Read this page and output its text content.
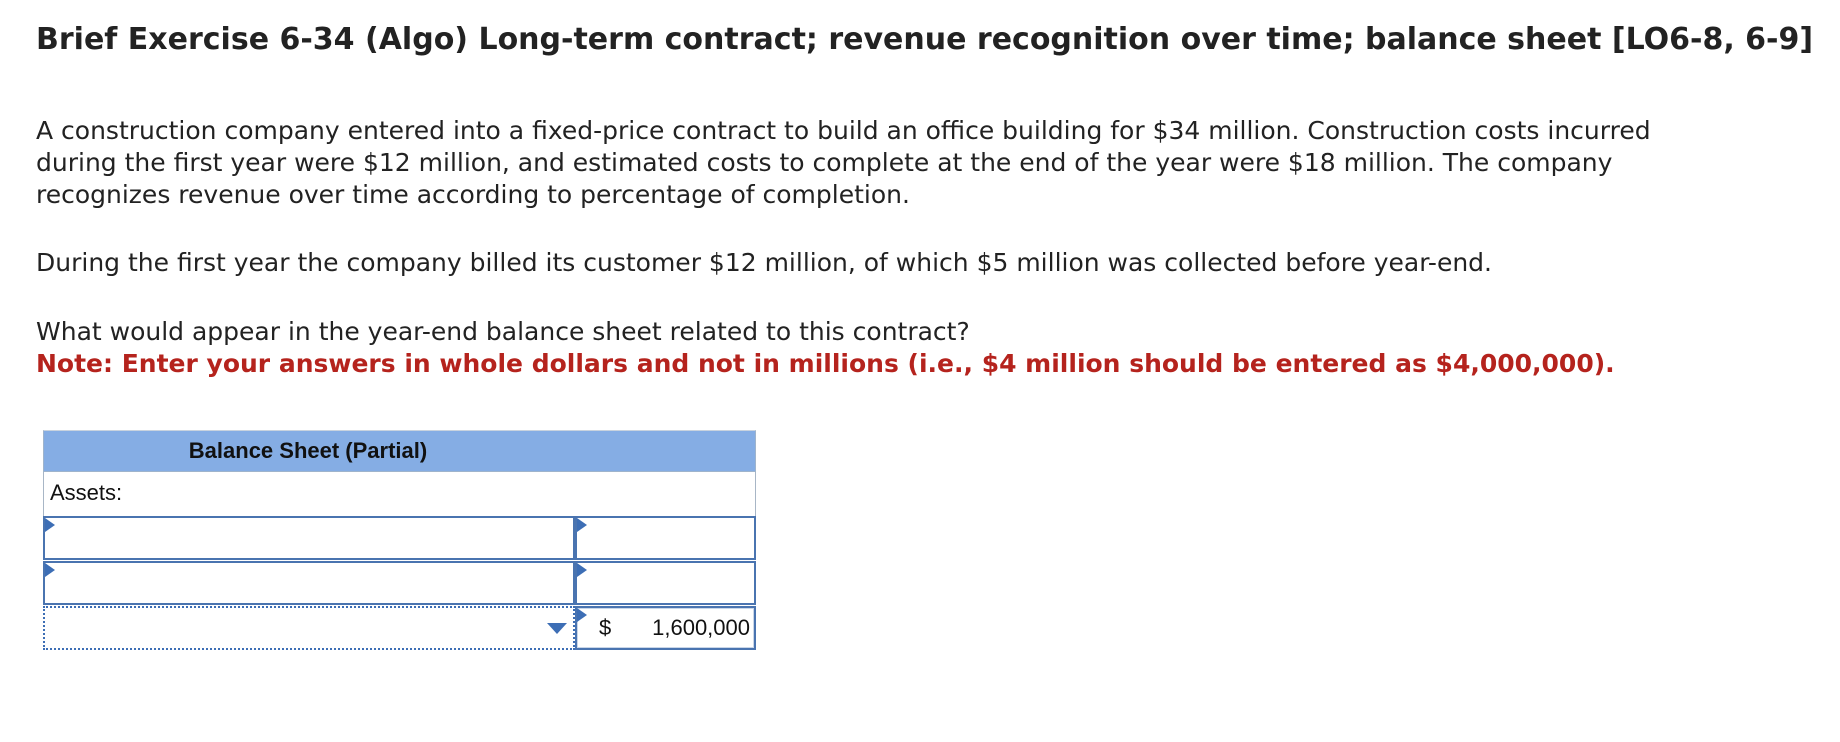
Brief Exercise 6-34 (Algo) Long-term contract; revenue recognition over time; balance sheet [LO6-8, 6-9]

A construction company entered into a fixed-price contract to build an office building for $34 million. Construction costs incurred during the first year were $12 million, and estimated costs to complete at the end of the year were $18 million. The company recognizes revenue over time according to percentage of completion.

During the first year the company billed its customer $12 million, of which $5 million was collected before year-end.

What would appear in the year-end balance sheet related to this contract?
Note: Enter your answers in whole dollars and not in millions (i.e., $4 million should be entered as $4,000,000).
Balance Sheet (Partial)
Assets:
$ 1,600,000
